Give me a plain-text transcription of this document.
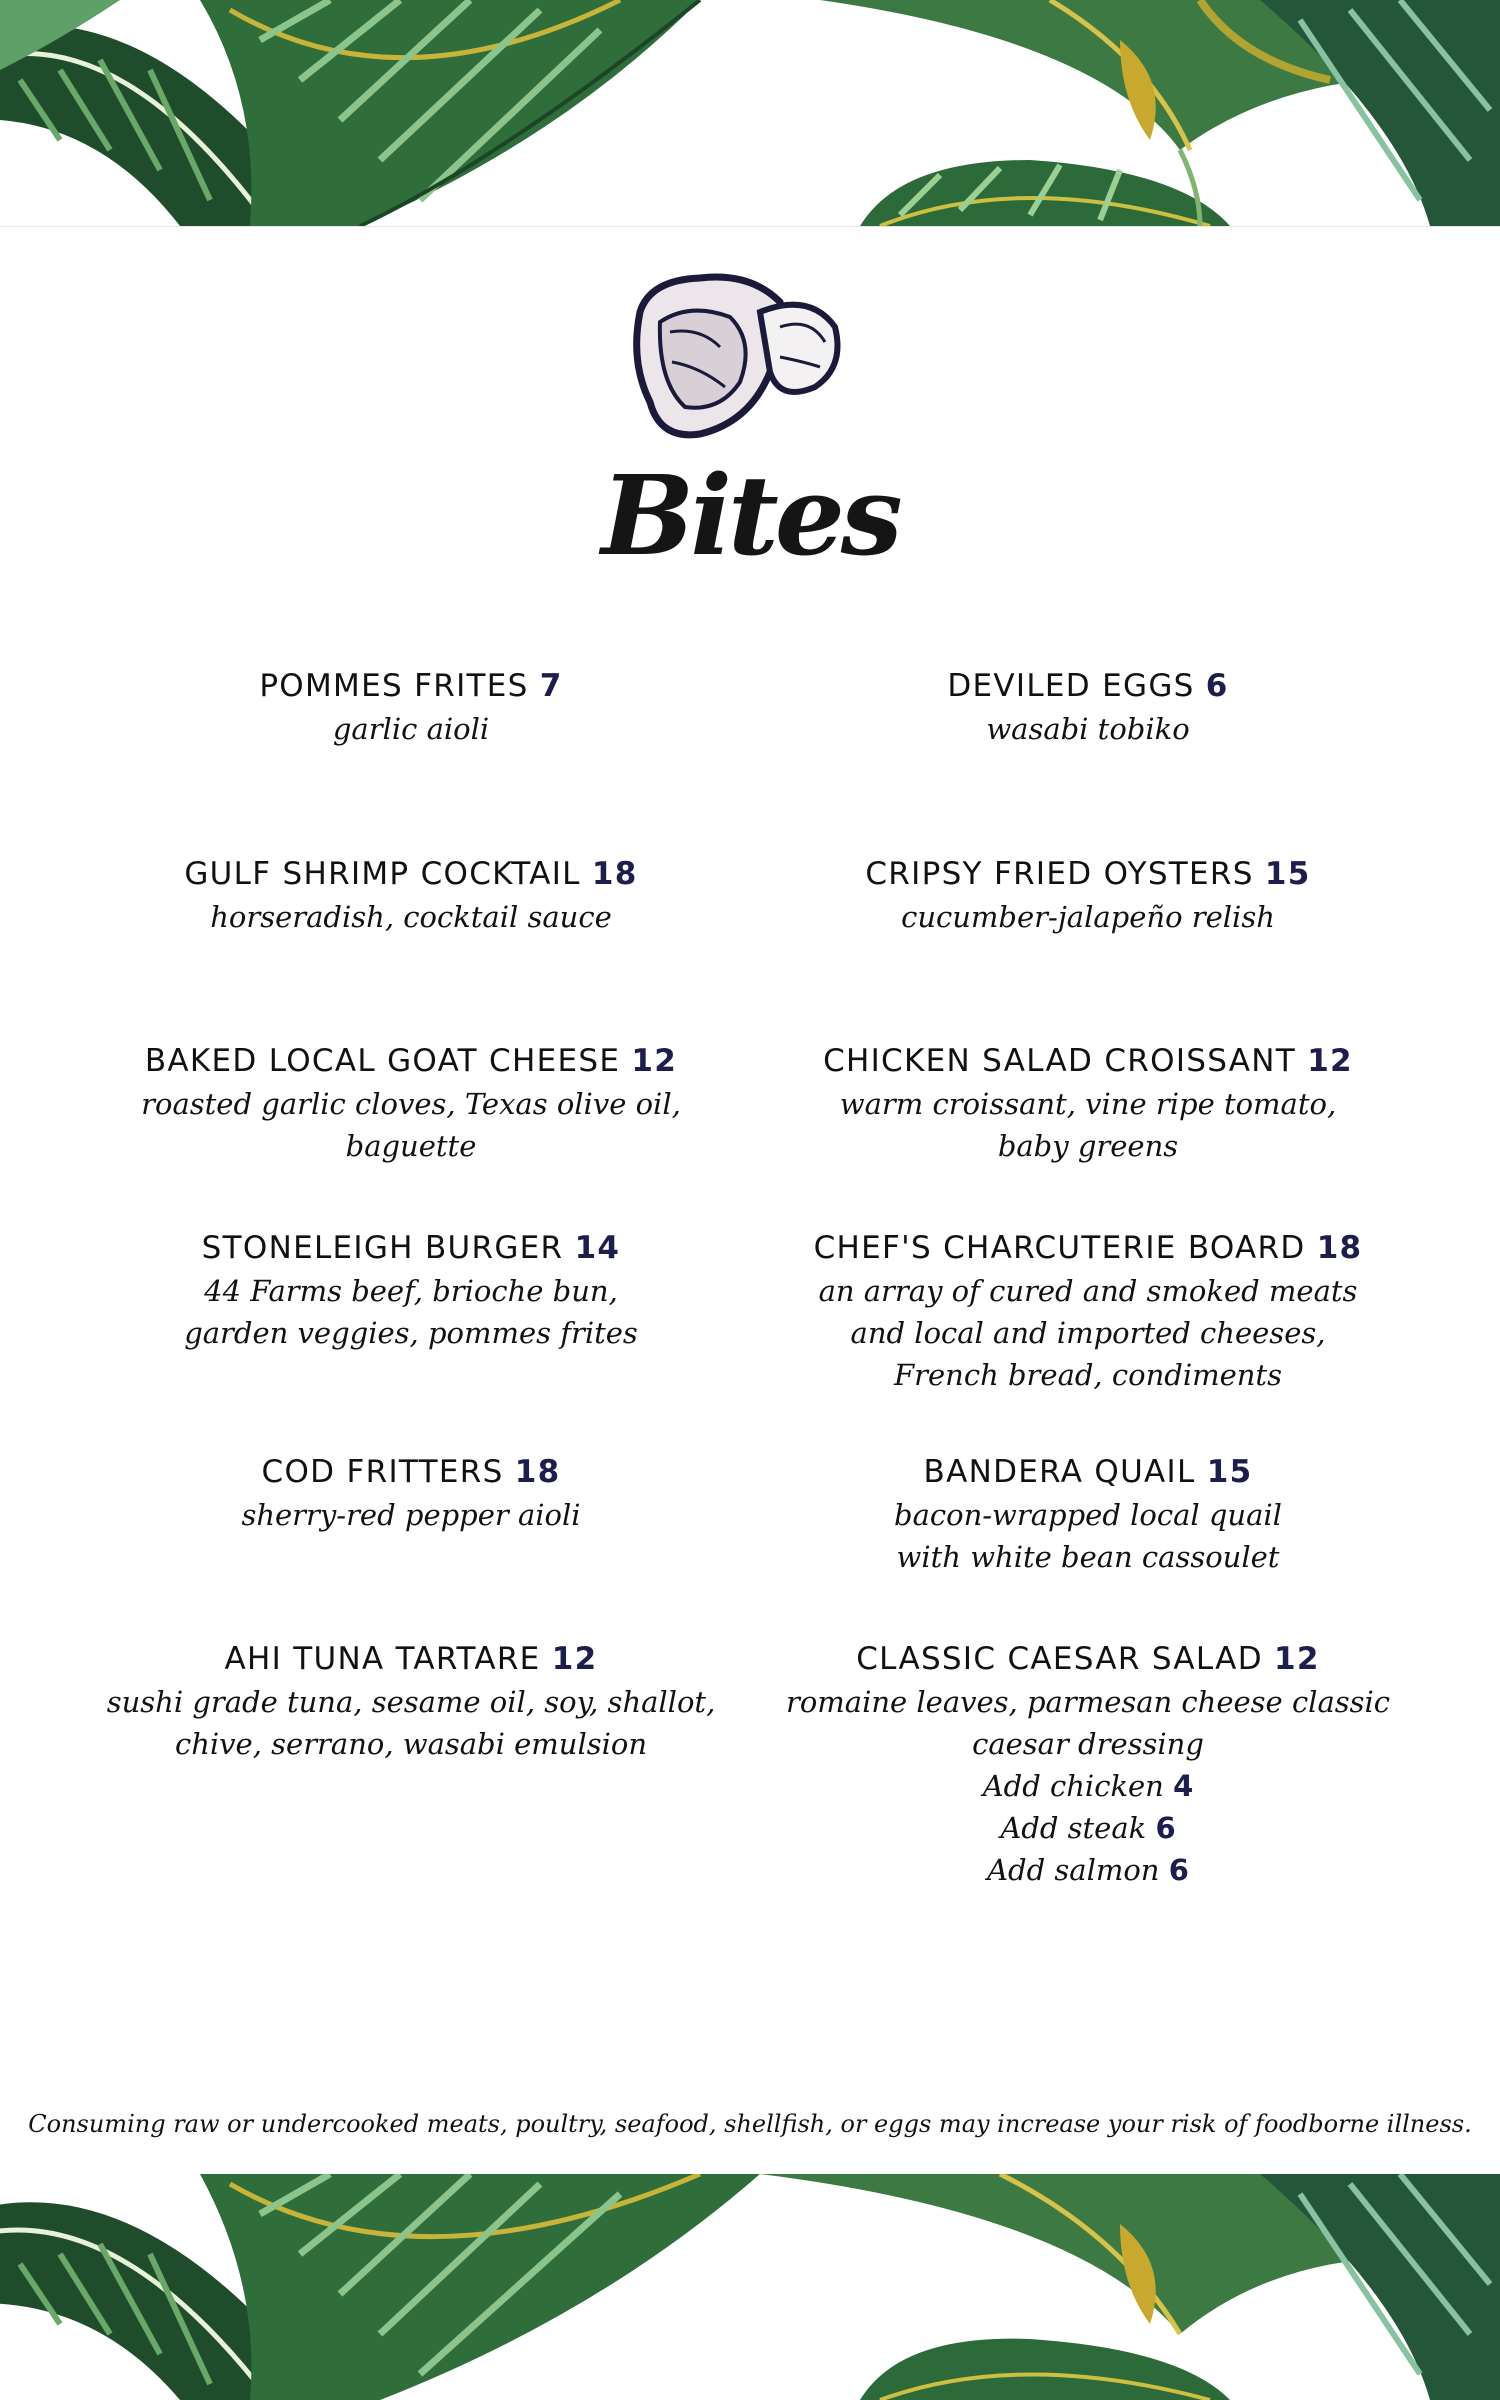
Bites
POMMES FRITES 7
garlic aioli
GULF SHRIMP COCKTAIL 18
horseradish, cocktail sauce
BAKED LOCAL GOAT CHEESE 12
roasted garlic cloves, Texas olive oil,
baguette
STONELEIGH BURGER 14
44 Farms beef, brioche bun,
garden veggies, pommes frites
COD FRITTERS 18
sherry-red pepper aioli
AHI TUNA TARTARE 12
sushi grade tuna, sesame oil, soy, shallot,
chive, serrano, wasabi emulsion
DEVILED EGGS 6
wasabi tobiko
CRIPSY FRIED OYSTERS 15
cucumber-jalapeño relish
CHICKEN SALAD CROISSANT 12
warm croissant, vine ripe tomato,
baby greens
CHEF'S CHARCUTERIE BOARD 18
an array of cured and smoked meats
and local and imported cheeses,
French bread, condiments
BANDERA QUAIL 15
bacon-wrapped local quail
with white bean cassoulet
CLASSIC CAESAR SALAD 12
romaine leaves, parmesan cheese classic
caesar dressing
Add chicken 4
Add steak 6
Add salmon 6
Consuming raw or undercooked meats, poultry, seafood, shellfish, or eggs may increase your risk of foodborne illness.
